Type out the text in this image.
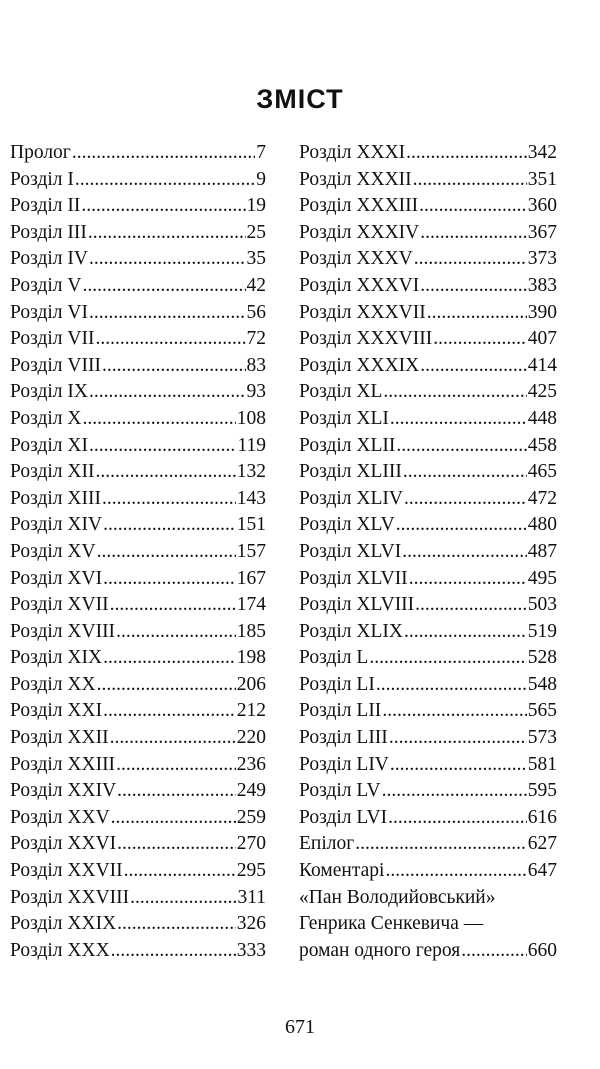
ЗМІСТ
Пролог .....	7
Розділ I .....	9
Розділ II .....	19
Розділ III .....	25
Розділ IV .....	35
Розділ V .....	42
Розділ VI .....	56
Розділ VII .....	72
Розділ VIII .....	83
Розділ IX .....	93
Розділ X .....	108
Розділ XI .....	119
Розділ XII .....	132
Розділ XIII .....	143
Розділ XIV .....	151
Розділ XV .....	157
Розділ XVI .....	167
Розділ XVII .....	174
Розділ XVIII .....	185
Розділ XIX .....	198
Розділ XX .....	206
Розділ XXI .....	212
Розділ XXII .....	220
Розділ XXIII .....	236
Розділ XXIV .....	249
Розділ XXV .....	259
Розділ XXVI .....	270
Розділ XXVII .....	295
Розділ XXVIII .....	311
Розділ XXIX .....	326
Розділ XXX .....	333
Розділ XXXI .....	342
Розділ XXXII .....	351
Розділ XXXIII .....	360
Розділ XXXIV .....	367
Розділ XXXV .....	373
Розділ XXXVI .....	383
Розділ XXXVII .....	390
Розділ XXXVIII .....	407
Розділ XXXIX .....	414
Розділ XL .....	425
Розділ XLI .....	448
Розділ XLII .....	458
Розділ XLIII .....	465
Розділ XLIV .....	472
Розділ XLV .....	480
Розділ XLVI .....	487
Розділ XLVII .....	495
Розділ XLVIII .....	503
Розділ XLIX .....	519
Розділ L .....	528
Розділ LI .....	548
Розділ LII .....	565
Розділ LIII .....	573
Розділ LIV .....	581
Розділ LV .....	595
Розділ LVI .....	616
Епілог .....	627
Коментарі .....	647
«Пан Володийовський»
Генрика Сенкевича —
роман одного героя .....	660
671
